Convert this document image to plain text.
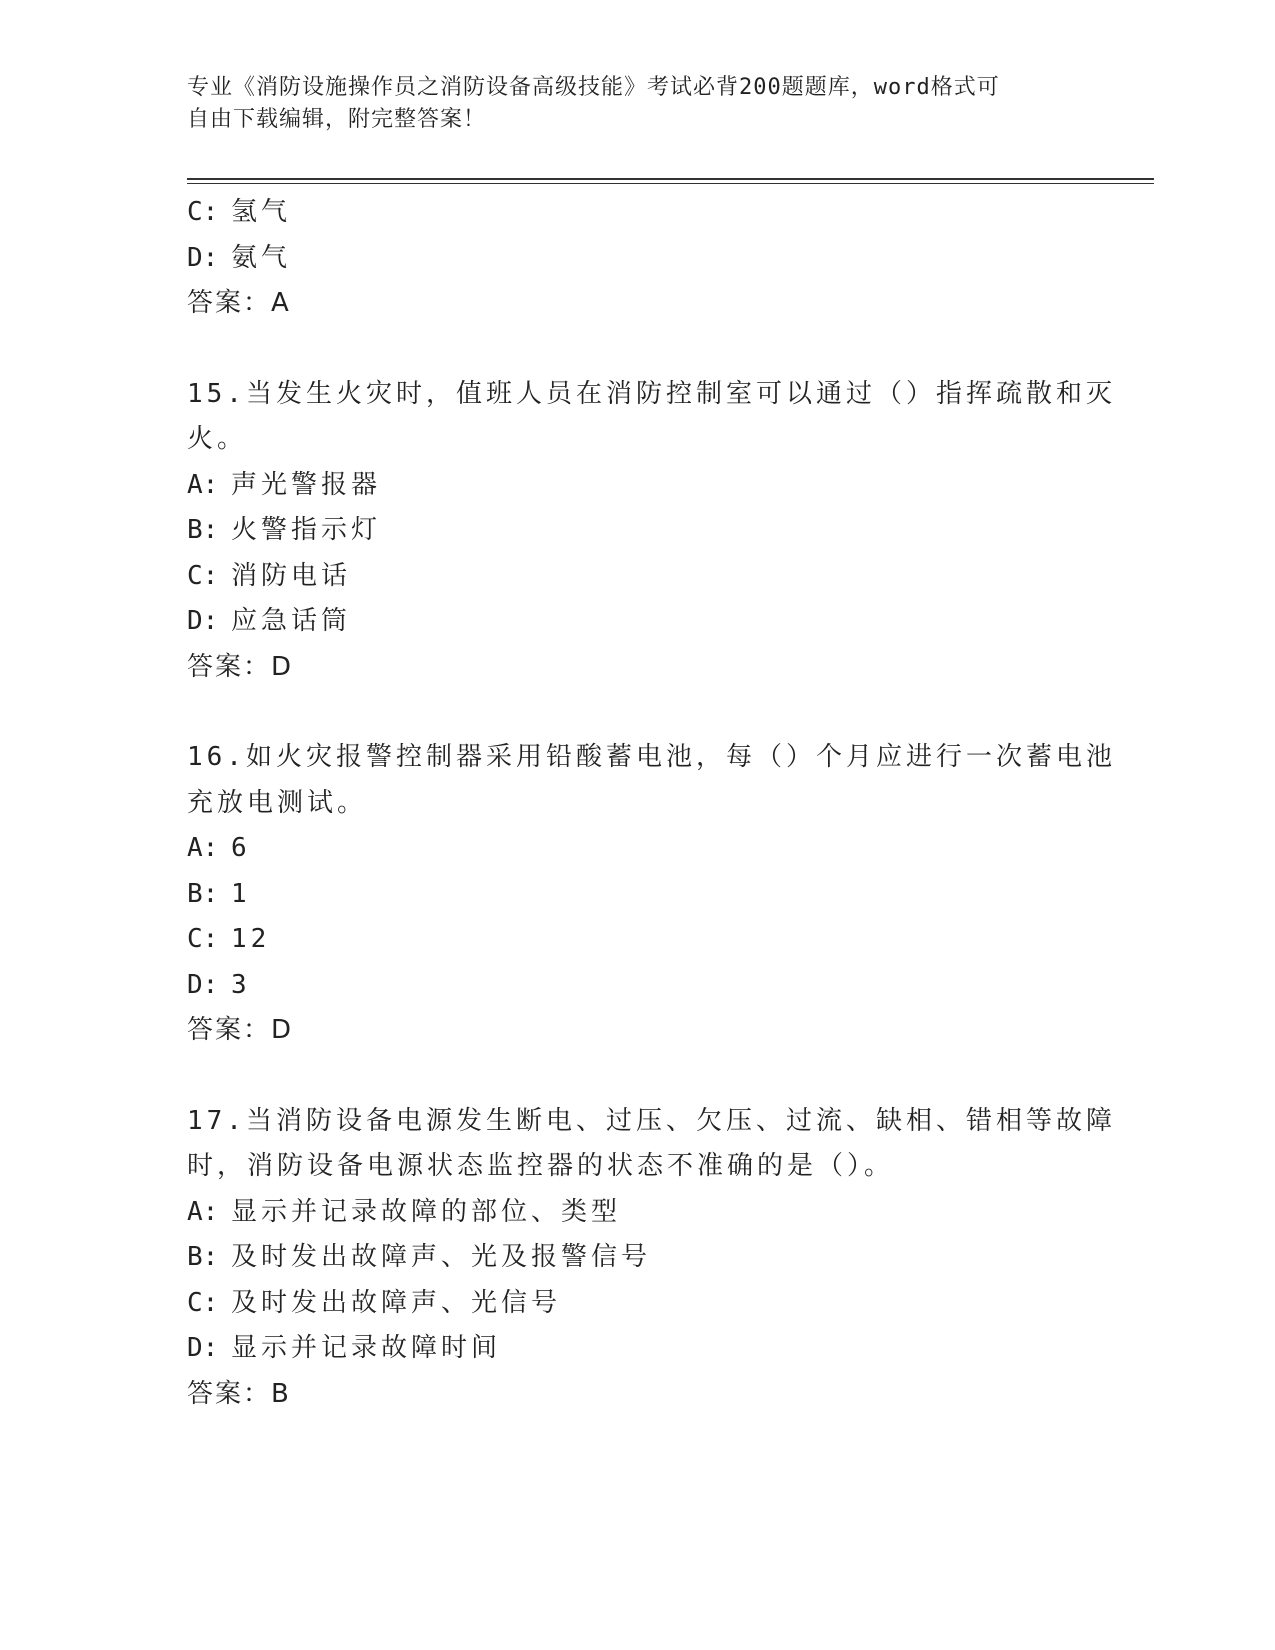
专业《消防设施操作员之消防设备高级技能》考试必背200题题库，word格式可
自由下载编辑，附完整答案！
C: 氢气
D: 氨气
答案：A
15.当发生火灾时，值班人员在消防控制室可以通过（）指挥疏散和灭
火。
A: 声光警报器
B: 火警指示灯
C: 消防电话
D: 应急话筒
答案：D
16.如火灾报警控制器采用铅酸蓄电池，每（）个月应进行一次蓄电池
充放电测试。
A: 6
B: 1
C: 12
D: 3
答案：D
17.当消防设备电源发生断电、过压、欠压、过流、缺相、错相等故障
时，消防设备电源状态监控器的状态不准确的是（）。
A: 显示并记录故障的部位、类型
B: 及时发出故障声、光及报警信号
C: 及时发出故障声、光信号
D: 显示并记录故障时间
答案：B
